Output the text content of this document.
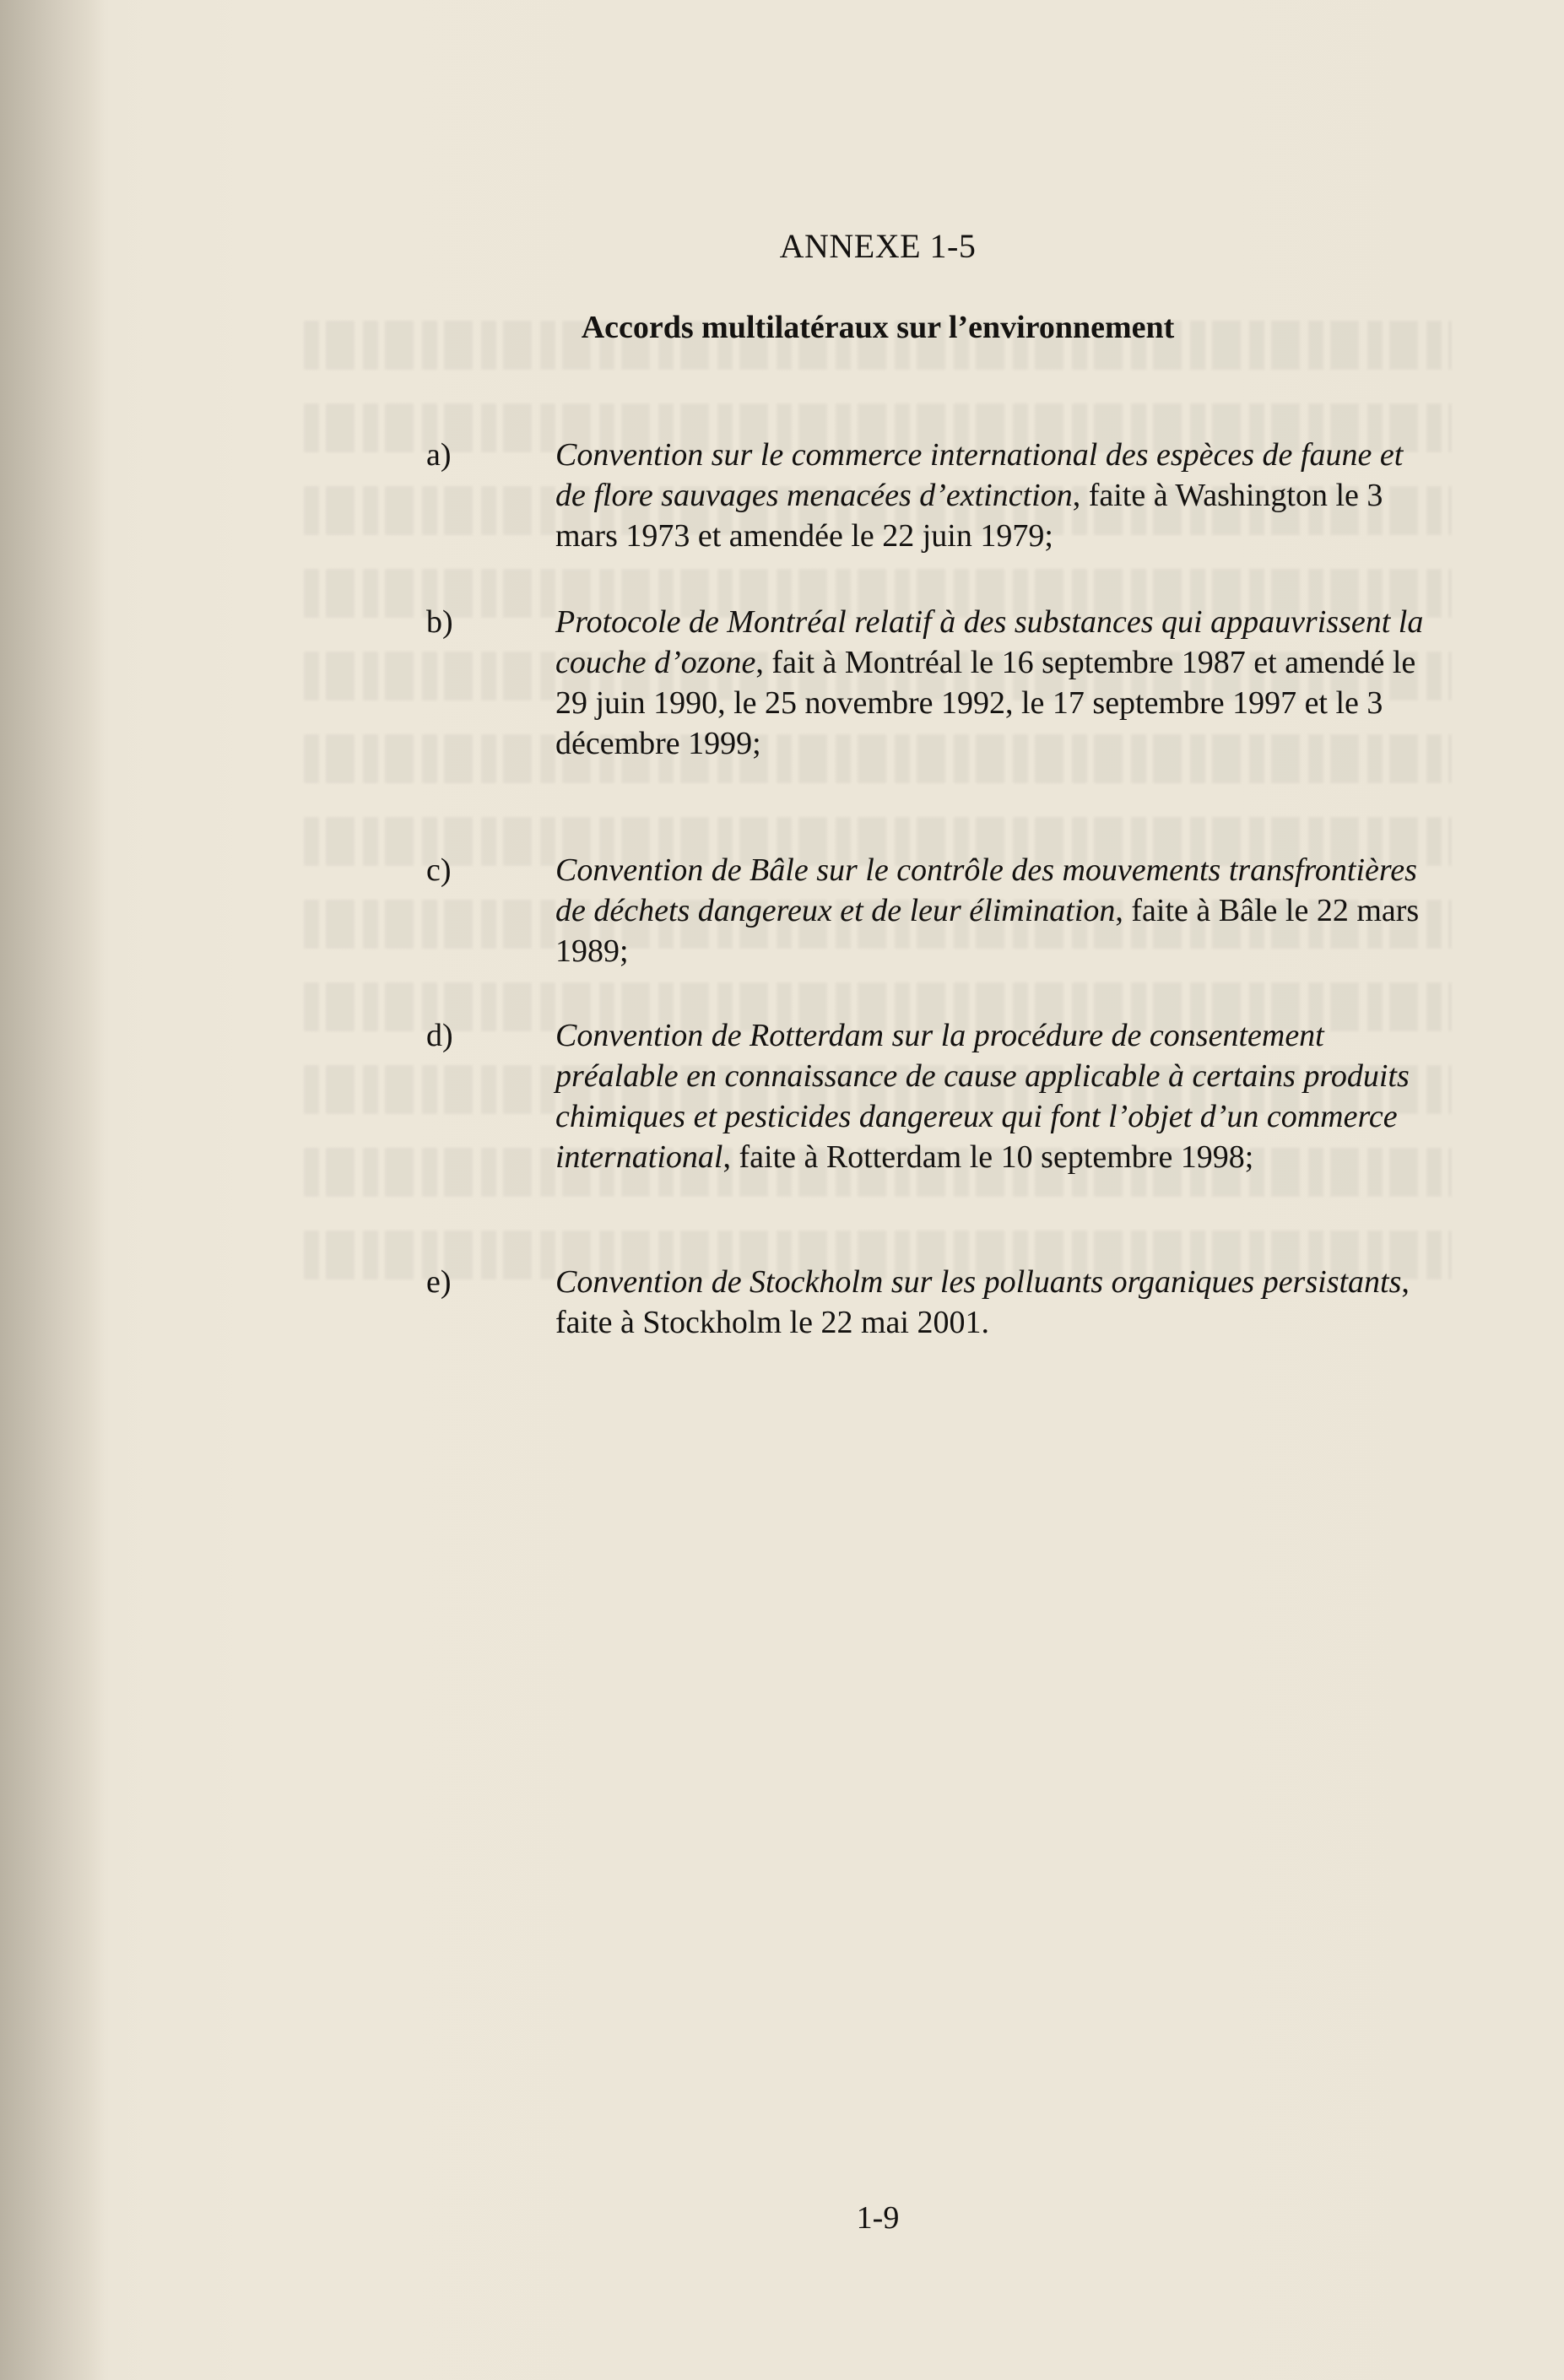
ANNEXE 1-5
Accords multilatéraux sur l’environnement
a)	Convention sur le commerce international des espèces de faune et de flore sauvages menacées d’extinction, faite à Washington le 3 mars 1973 et amendée le 22 juin 1979;
b)	Protocole de Montréal relatif à des substances qui appauvrissent la couche d’ozone, fait à Montréal le 16 septembre 1987 et amendé le 29 juin 1990, le 25 novembre 1992, le 17 septembre 1997 et le 3 décembre 1999;
c)	Convention de Bâle sur le contrôle des mouvements transfrontières de déchets dangereux et de leur élimination, faite à Bâle le 22 mars 1989;
d)	Convention de Rotterdam sur la procédure de consentement préalable en connaissance de cause applicable à certains produits chimiques et pesticides dangereux qui font l’objet d’un commerce international, faite à Rotterdam le 10 septembre 1998;
e)	Convention de Stockholm sur les polluants organiques persistants, faite à Stockholm le 22 mai 2001.
1-9
